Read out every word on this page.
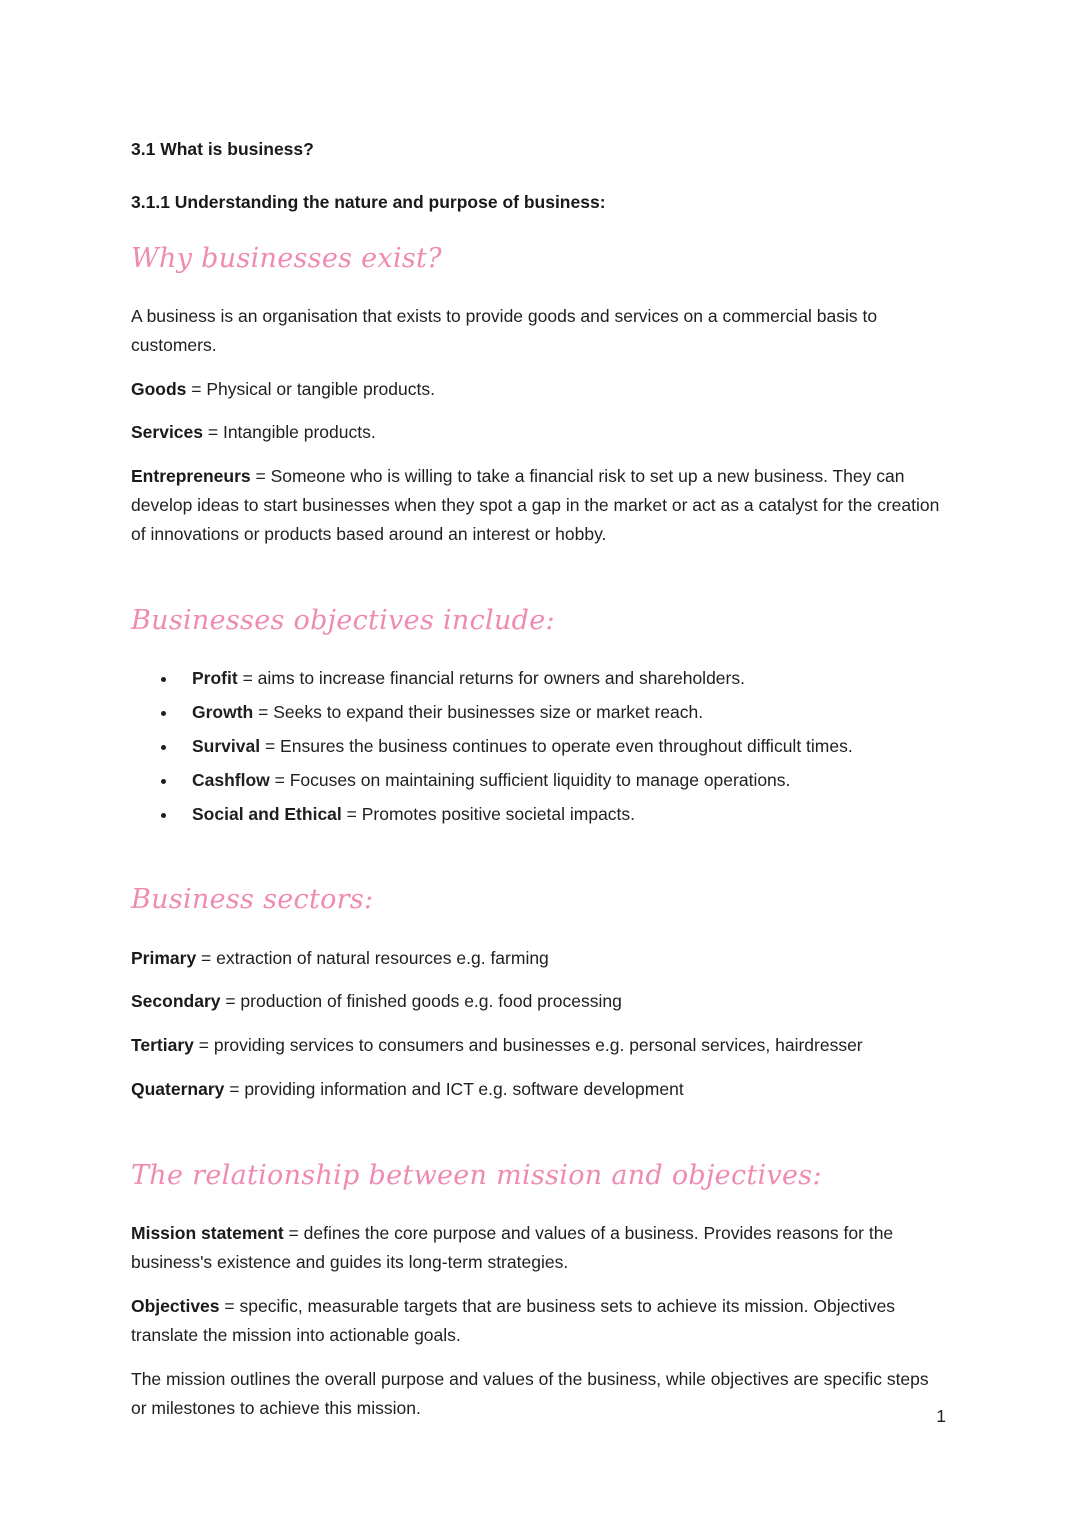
3.1 What is business?
3.1.1 Understanding the nature and purpose of business:
Why businesses exist?

A business is an organisation that exists to provide goods and services on a commercial basis to customers.

Goods = Physical or tangible products.

Services = Intangible products.

Entrepreneurs = Someone who is willing to take a financial risk to set up a new business. They can develop ideas to start businesses when they spot a gap in the market or act as a catalyst for the creation of innovations or products based around an interest or hobby.

Businesses objectives include:
• Profit = aims to increase financial returns for owners and shareholders.
• Growth = Seeks to expand their businesses size or market reach.
• Survival = Ensures the business continues to operate even throughout difficult times.
• Cashflow = Focuses on maintaining sufficient liquidity to manage operations.
• Social and Ethical = Promotes positive societal impacts.
Business sectors:

Primary = extraction of natural resources e.g. farming

Secondary = production of finished goods e.g. food processing

Tertiary = providing services to consumers and businesses e.g. personal services, hairdresser

Quaternary = providing information and ICT e.g. software development

The relationship between mission and objectives:

Mission statement = defines the core purpose and values of a business. Provides reasons for the business's existence and guides its long-term strategies.

Objectives = specific, measurable targets that are business sets to achieve its mission. Objectives translate the mission into actionable goals.

The mission outlines the overall purpose and values of the business, while objectives are specific steps or milestones to achieve this mission.	1
